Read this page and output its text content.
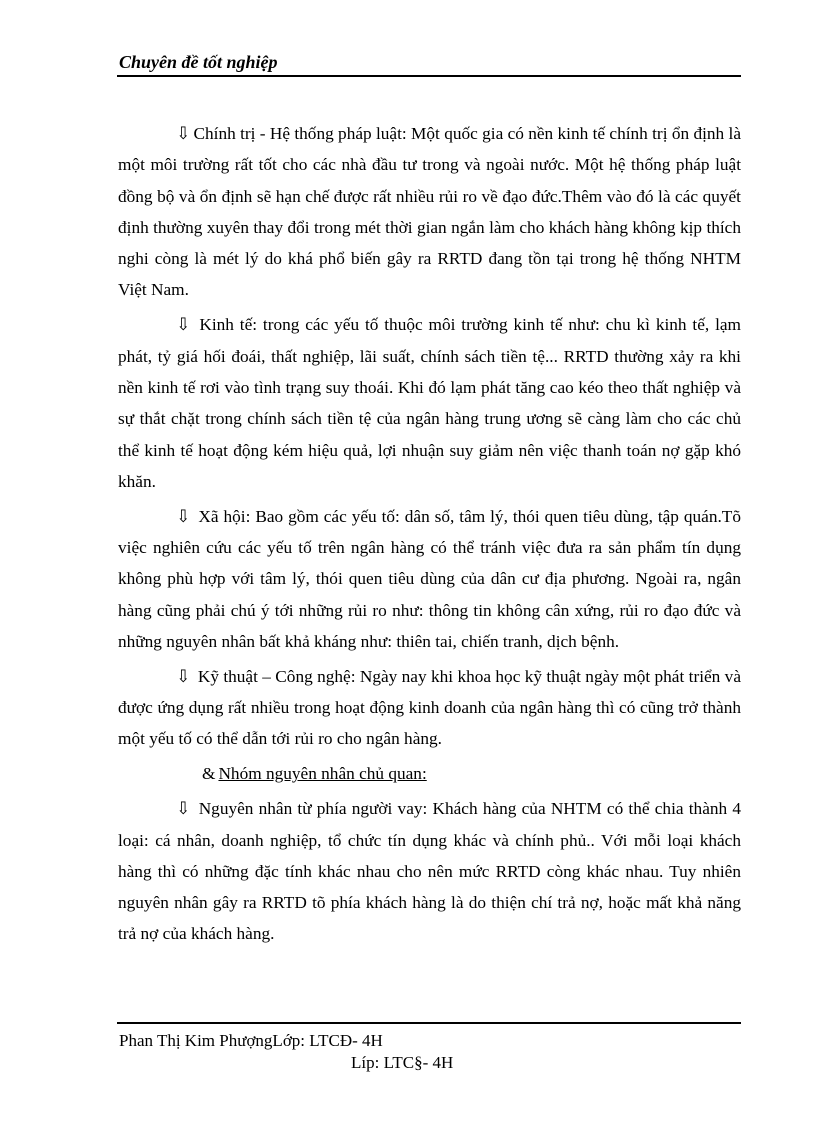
Chuyên đề tốt nghiệp

⇩ Chính trị - Hệ thống pháp luật: Một quốc gia có nền kinh tế chính trị ổn định là một môi trường rất tốt cho các nhà đầu tư trong và ngoài nước. Một hệ thống pháp luật đồng bộ và ổn định sẽ hạn chế được rất nhiều rủi ro về đạo đức.Thêm vào đó là các quyết định thường xuyên thay đổi trong mét thời gian ngắn làm cho khách hàng không kịp thích nghi còng là mét lý do khá phổ biến gây ra RRTD đang tồn tại trong hệ thống NHTM Việt Nam.

⇩ Kinh tế: trong các yếu tố thuộc môi trường kinh tế như: chu kì kinh tế, lạm phát, tỷ giá hối đoái, thất nghiệp, lãi suất, chính sách tiền tệ... RRTD thường xảy ra khi nền kinh tế rơi vào tình trạng suy thoái. Khi đó lạm phát tăng cao kéo theo thất nghiệp và sự thắt chặt trong chính sách tiền tệ của ngân hàng trung ương sẽ càng làm cho các chủ thể kinh tế hoạt động kém hiệu quả, lợi nhuận suy giảm nên việc thanh toán nợ gặp khó khăn.

⇩ Xã hội: Bao gồm các yếu tố: dân số, tâm lý, thói quen tiêu dùng, tập quán.Tõ việc nghiên cứu các yếu tố trên ngân hàng có thể tránh việc đưa ra sản phẩm tín dụng không phù hợp với tâm lý, thói quen tiêu dùng của dân cư địa phương. Ngoài ra, ngân hàng cũng phải chú ý tới những rủi ro như: thông tin không cân xứng, rủi ro đạo đức và những nguyên nhân bất khả kháng như: thiên tai, chiến tranh, dịch bệnh.

⇩ Kỹ thuật – Công nghệ: Ngày nay khi khoa học kỹ thuật ngày một phát triển và được ứng dụng rất nhiều trong hoạt động kinh doanh của ngân hàng thì có cũng trở thành một yếu tố có thể dẫn tới rủi ro cho ngân hàng.

& Nhóm nguyên nhân chủ quan:

⇩ Nguyên nhân từ phía người vay: Khách hàng của NHTM có thể chia thành 4 loại: cá nhân, doanh nghiệp, tổ chức tín dụng khác và chính phủ.. Với mỗi loại khách hàng thì có những đặc tính khác nhau cho nên mức RRTD còng khác nhau. Tuy nhiên nguyên nhân gây ra RRTD tõ phía khách hàng là do thiện chí trả nợ, hoặc mất khả năng trả nợ của khách hàng.

Phan Thị Kim PhượngLớp: LTCĐ- 4H
Líp: LTC§- 4H
